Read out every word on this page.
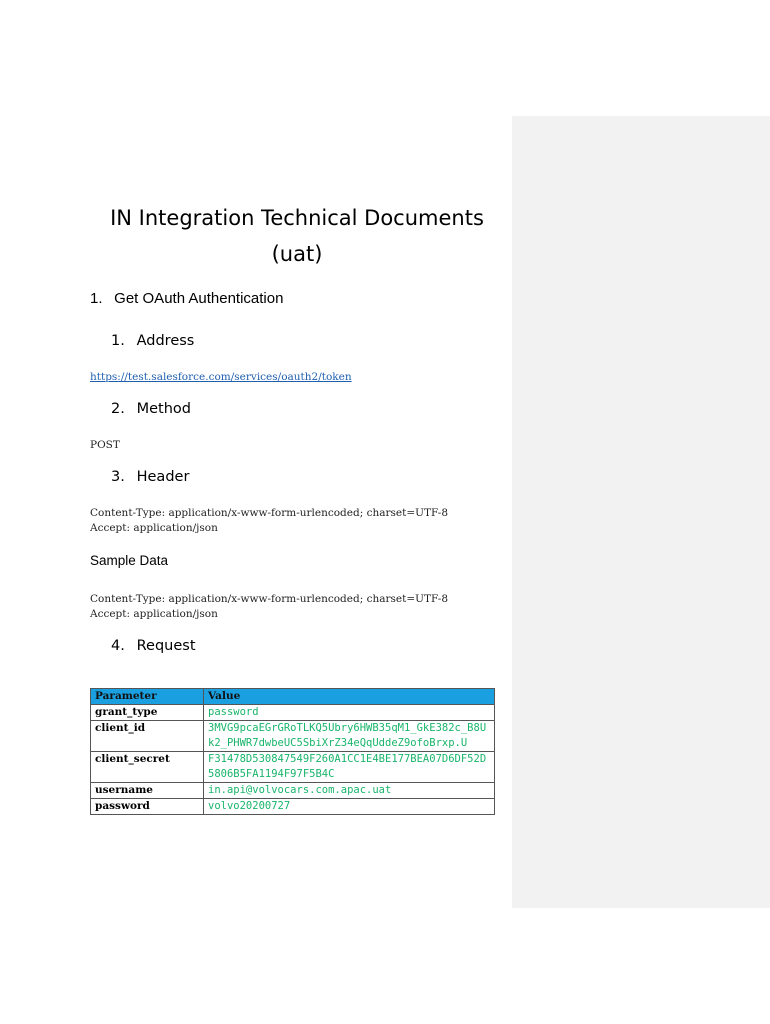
IN Integration Technical Documents
(uat)
1. Get OAuth Authentication
1. Address
https://test.salesforce.com/services/oauth2/token
2. Method
POST
3. Header
Content-Type: application/x-www-form-urlencoded; charset=UTF-8
Accept: application/json
Sample Data
Content-Type: application/x-www-form-urlencoded; charset=UTF-8
Accept: application/json
4. Request
Parameter	Value
grant_type	password
client_id	3MVG9pcaEGrGRoTLKQ5Ubry6HWB35qM1_GkE382c_B8Uk2_PHWR7dwbeUC5SbiXrZ34eQqUddeZ9ofoBrxp.U
client_secret	F31478D530847549F260A1CC1E4BE177BEA07D6DF52D5806B5FA1194F97F5B4C
username	in.api@volvocars.com.apac.uat
password	volvo20200727
